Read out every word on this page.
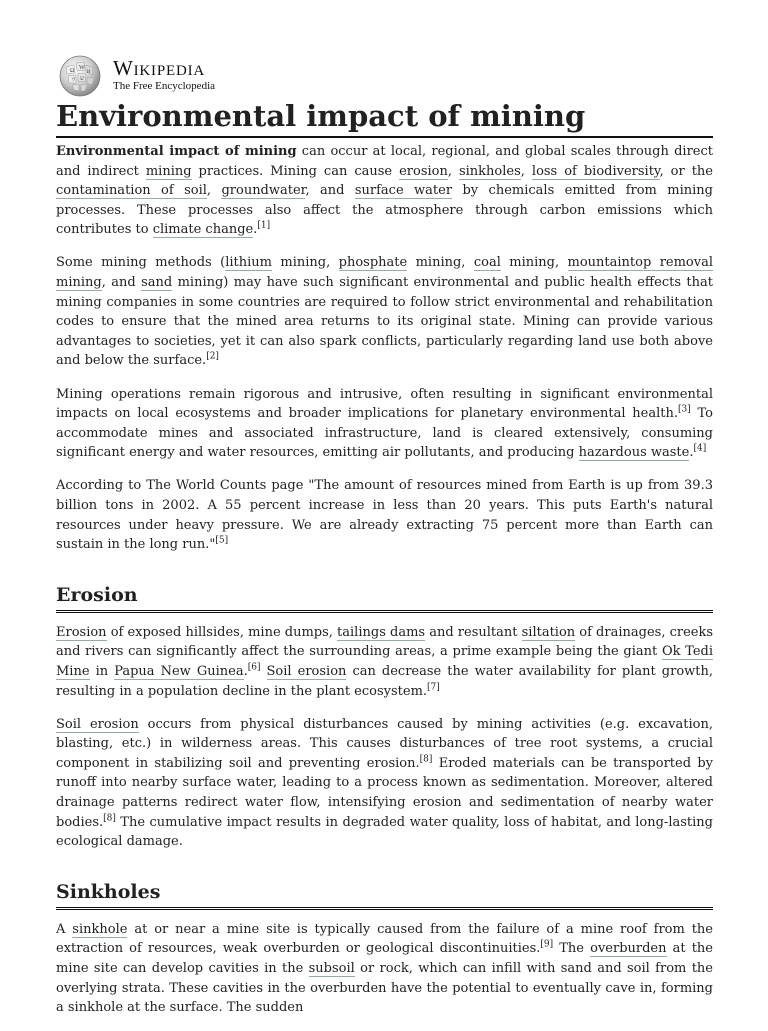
Ω W
И
ウ ש Wikipedia
The Free Encyclopedia
Environmental impact of mining

Environmental impact of mining can occur at local, regional, and global scales through direct and indirect mining practices. Mining can cause erosion, sinkholes, loss of biodiversity, or the contamination of soil, groundwater, and surface water by chemicals emitted from mining processes. These processes also affect the atmosphere through carbon emissions which contributes to climate change.[1]

Some mining methods (lithium mining, phosphate mining, coal mining, mountaintop removal mining, and sand mining) may have such significant environmental and public health effects that mining companies in some countries are required to follow strict environmental and rehabilitation codes to ensure that the mined area returns to its original state. Mining can provide various advantages to societies, yet it can also spark conflicts, particularly regarding land use both above and below the surface.[2]

Mining operations remain rigorous and intrusive, often resulting in significant environmental impacts on local ecosystems and broader implications for planetary environmental health.[3] To accommodate mines and associated infrastructure, land is cleared extensively, consuming significant energy and water resources, emitting air pollutants, and producing hazardous waste.[4]

According to The World Counts page "The amount of resources mined from Earth is up from 39.3 billion tons in 2002. A 55 percent increase in less than 20 years. This puts Earth's natural resources under heavy pressure. We are already extracting 75 percent more than Earth can sustain in the long run."[5]

Erosion

Erosion of exposed hillsides, mine dumps, tailings dams and resultant siltation of drainages, creeks and rivers can significantly affect the surrounding areas, a prime example being the giant Ok Tedi Mine in Papua New Guinea.[6] Soil erosion can decrease the water availability for plant growth, resulting in a population decline in the plant ecosystem.[7]

Soil erosion occurs from physical disturbances caused by mining activities (e.g. excavation, blasting, etc.) in wilderness areas. This causes disturbances of tree root systems, a crucial component in stabilizing soil and preventing erosion.[8] Eroded materials can be transported by runoff into nearby surface water, leading to a process known as sedimentation. Moreover, altered drainage patterns redirect water flow, intensifying erosion and sedimentation of nearby water bodies.[8] The cumulative impact results in degraded water quality, loss of habitat, and long-lasting ecological damage.

Sinkholes

A sinkhole at or near a mine site is typically caused from the failure of a mine roof from the extraction of resources, weak overburden or geological discontinuities.[9] The overburden at the mine site can develop cavities in the subsoil or rock, which can infill with sand and soil from the overlying strata. These cavities in the overburden have the potential to eventually cave in, forming a sinkhole at the surface. The sudden
